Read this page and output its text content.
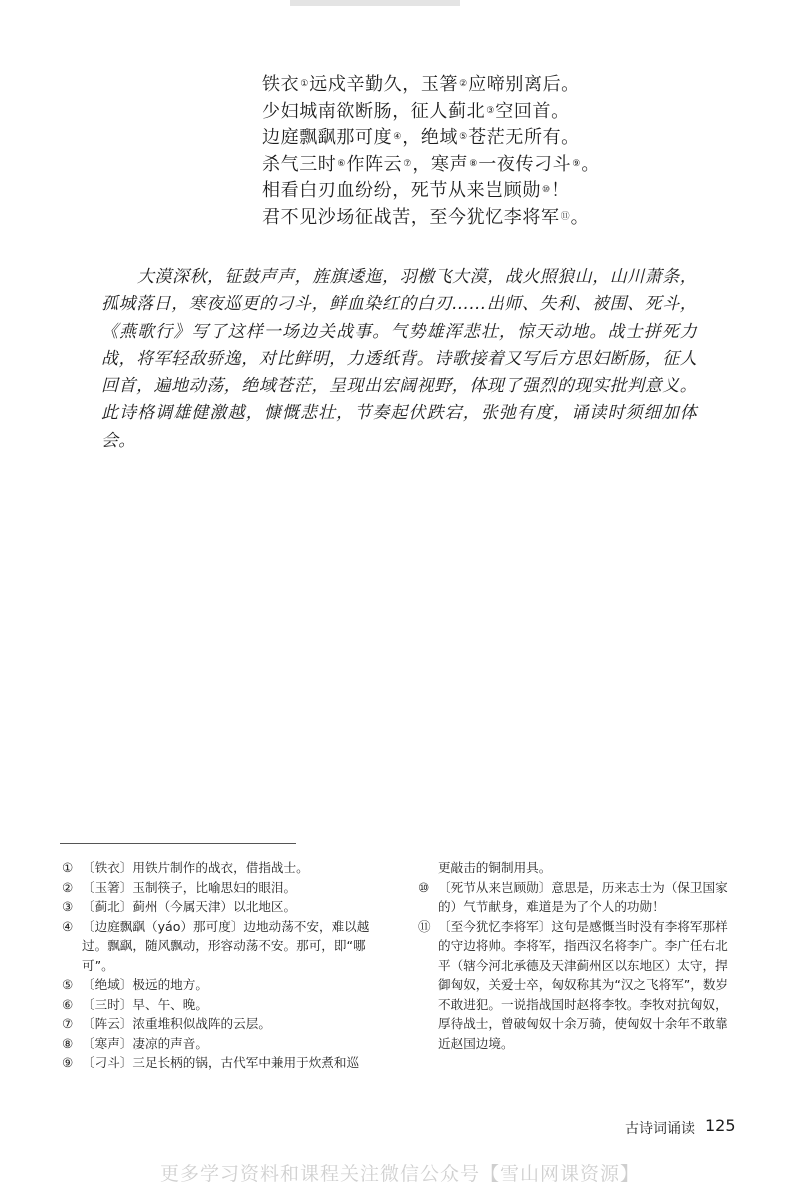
铁衣①远戍辛勤久，玉箸②应啼别离后。
少妇城南欲断肠，征人蓟北③空回首。
边庭飘飖那可度④，绝域⑤苍茫无所有。
杀气三时⑥作阵云⑦，寒声⑧一夜传刁斗⑨。
相看白刃血纷纷，死节从来岂顾勋⑩！
君不见沙场征战苦，至今犹忆李将军⑪。

大漠深秋，钲鼓声声，旌旗逶迤，羽檄飞大漠，战火照狼山，山川萧条，孤城落日，寒夜巡更的刁斗，鲜血染红的白刃……出师、失利、被围、死斗，《燕歌行》写了这样一场边关战事。气势雄浑悲壮，惊天动地。战士拼死力战，将军轻敌骄逸，对比鲜明，力透纸背。诗歌接着又写后方思妇断肠，征人回首，遍地动荡，绝域苍茫，呈现出宏阔视野，体现了强烈的现实批判意义。此诗格调雄健激越，慷慨悲壮，节奏起伏跌宕，张弛有度，诵读时须细加体会。

① 〔铁衣〕用铁片制作的战衣，借指战士。
② 〔玉箸〕玉制筷子，比喻思妇的眼泪。
③ 〔蓟北〕蓟州（今属天津）以北地区。
④ 〔边庭飘飖（yáo）那可度〕边地动荡不安，难以越过。飘飖，随风飘动，形容动荡不安。那可，即“哪可”。
⑤ 〔绝域〕极远的地方。
⑥ 〔三时〕早、午、晚。
⑦ 〔阵云〕浓重堆积似战阵的云层。
⑧ 〔寒声〕凄凉的声音。
⑨ 〔刁斗〕三足长柄的锅，古代军中兼用于炊煮和巡
更敲击的铜制用具。
⑩ 〔死节从来岂顾勋〕意思是，历来志士为（保卫国家的）气节献身，难道是为了个人的功勋！
⑪ 〔至今犹忆李将军〕这句是感慨当时没有李将军那样的守边将帅。李将军，指西汉名将李广。李广任右北平（辖今河北承德及天津蓟州区以东地区）太守，捍御匈奴，关爱士卒，匈奴称其为“汉之飞将军”，数岁不敢进犯。一说指战国时赵将李牧。李牧对抗匈奴，厚待战士，曾破匈奴十余万骑，使匈奴十余年不敢靠近赵国边境。
古诗词诵读 125
更多学习资料和课程关注微信公众号【雪山网课资源】
